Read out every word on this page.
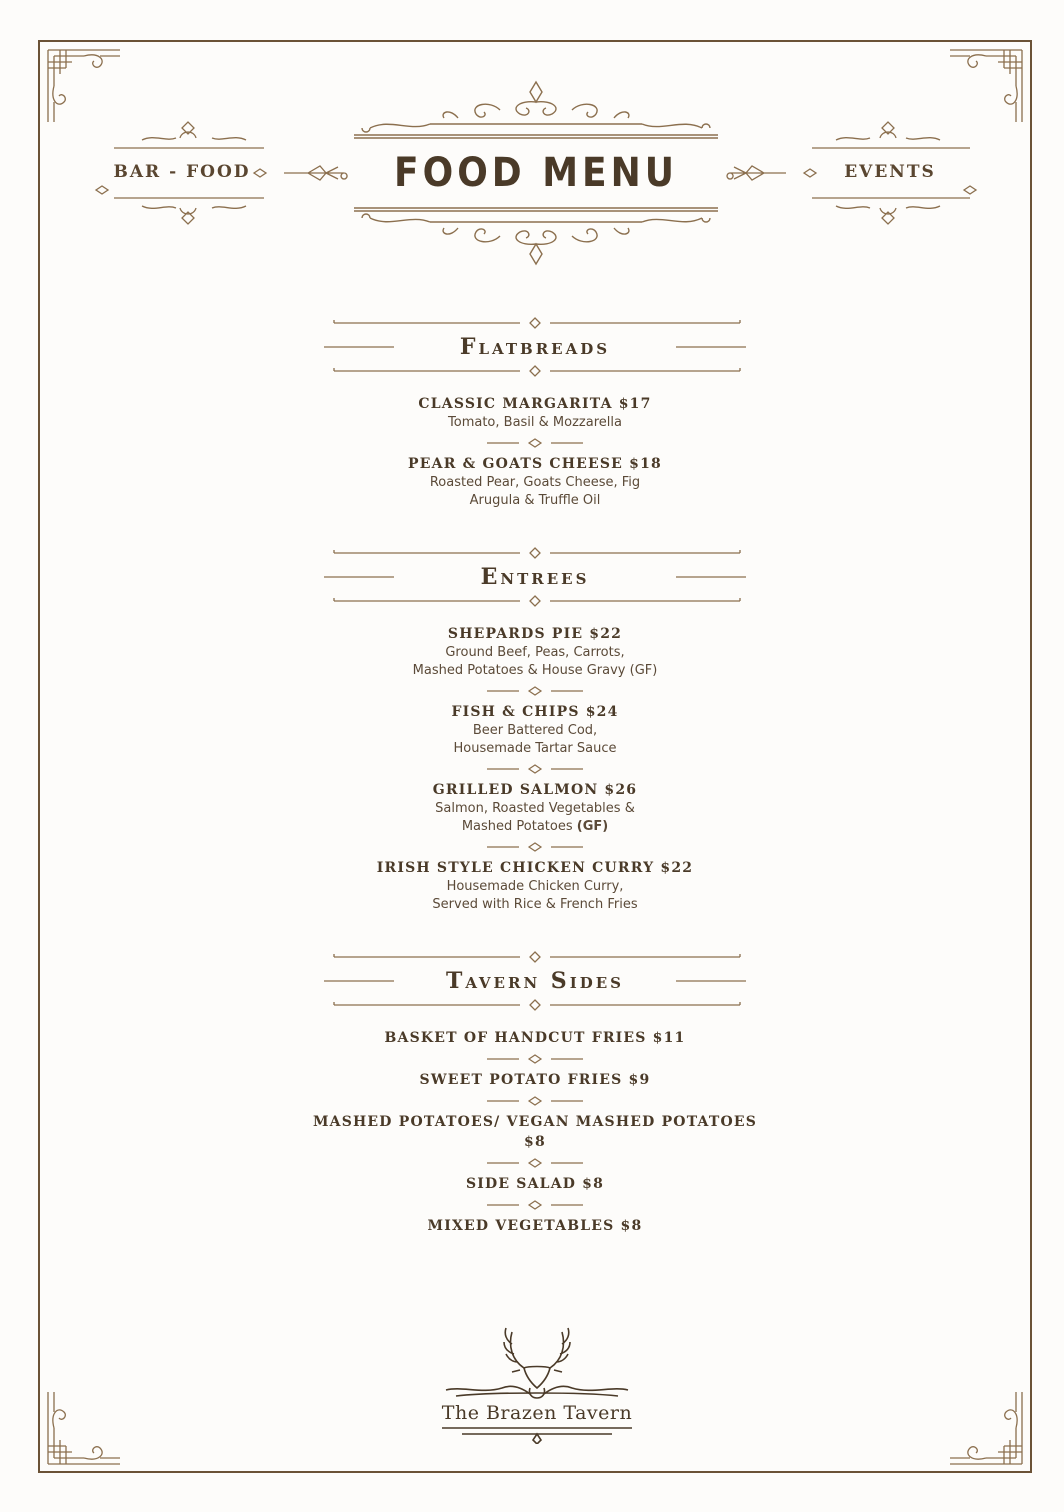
BAR - FOOD	EVENTS
FOOD MENU
Flatbreads
CLASSIC MARGARITA $17
Tomato, Basil & Mozzarella
PEAR & GOATS CHEESE $18
Roasted Pear, Goats Cheese, Fig
Arugula & Truffle Oil
Entrees
SHEPARDS PIE $22
Ground Beef, Peas, Carrots,
Mashed Potatoes & House Gravy (GF)
FISH & CHIPS $24
Beer Battered Cod,
Housemade Tartar Sauce
GRILLED SALMON $26
Salmon, Roasted Vegetables &
Mashed Potatoes (GF)
IRISH STYLE CHICKEN CURRY $22
Housemade Chicken Curry,
Served with Rice & French Fries
Tavern Sides
BASKET OF HANDCUT FRIES $11
SWEET POTATO FRIES $9
MASHED POTATOES/ VEGAN MASHED POTATOES $8
SIDE SALAD $8
MIXED VEGETABLES $8
The Brazen Tavern
